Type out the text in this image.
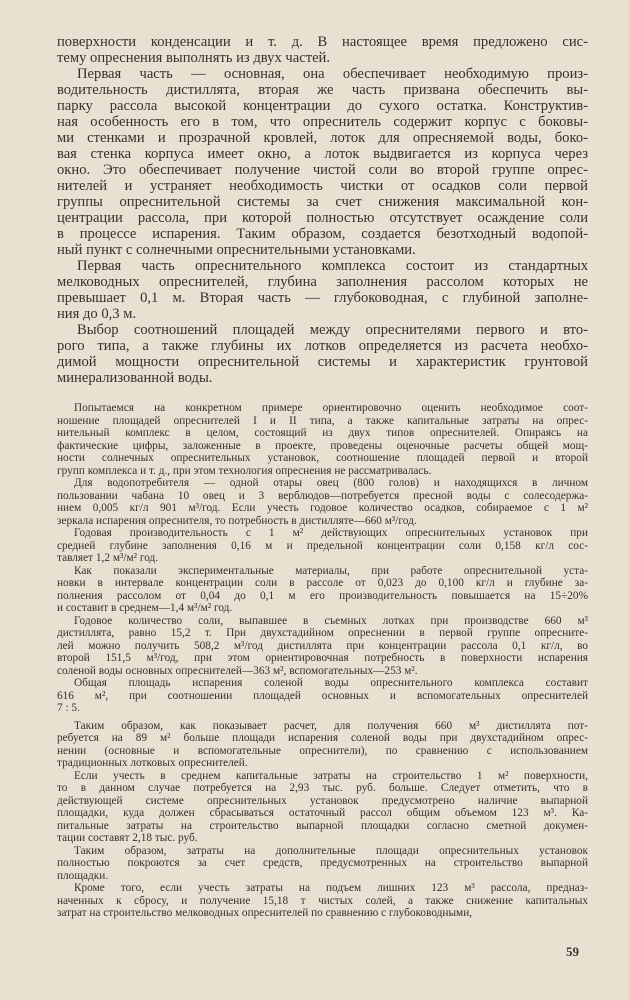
поверхности конденсации и т. д. В настоящее время предложено сис-
тему опреснения выполнять из двух частей.
Первая часть — основная, она обеспечивает необходимую произ-
водительность дистиллята, вторая же часть призвана обеспечить вы-
парку рассола высокой концентрации до сухого остатка. Конструктив-
ная особенность его в том, что опреснитель содержит корпус с боковы-
ми стенками и прозрачной кровлей, лоток для опресняемой воды, боко-
вая стенка корпуса имеет окно, а лоток выдвигается из корпуса через
окно. Это обеспечивает получение чистой соли во второй группе опрес-
нителей и устраняет необходимость чистки от осадков соли первой
группы опреснительной системы за счет снижения максимальной кон-
центрации рассола, при которой полностью отсутствует осаждение соли
в процессе испарения. Таким образом, создается безотходный водопой-
ный пункт с солнечными опреснительными установками.
Первая часть опреснительного комплекса состоит из стандартных
мелководных опреснителей, глубина заполнения рассолом которых не
превышает 0,1 м. Вторая часть — глубоководная, с глубиной заполне-
ния до 0,3 м.
Выбор соотношений площадей между опреснителями первого и вто-
рого типа, а также глубины их лотков определяется из расчета необхо-
димой мощности опреснительной системы и характеристик грунтовой
минерализованной воды.
Попытаемся на конкретном примере ориентировочно оценить необходимое соот-
ношение площадей опреснителей I и II типа, а также капитальные затраты на опрес-
нительный комплекс в целом, состоящий из двух типов опреснителей. Опираясь на
фактические цифры, заложенные в проекте, проведены оценочные расчеты общей мощ-
ности солнечных опреснительных установок, соотношение площадей первой и второй
групп комплекса и т. д., при этом технология опреснения не рассматривалась.
Для водопотребителя — одной отары овец (800 голов) и находящихся в личном
пользовании чабана 10 овец и 3 верблюдов—потребуется пресной воды с солесодержа-
нием 0,005 кг/л 901 м³/год. Если учесть годовое количество осадков, собираемое с 1 м²
зеркала испарения опреснителя, то потребность в дистилляте—660 м³/год.
Годовая производительность с 1 м² действующих опреснительных установок при
средней глубине заполнения 0,16 м и предельной концентрации соли 0,158 кг/л сос-
тавляет 1,2 м³/м² год.
Как показали экспериментальные материалы, при работе опреснительной уста-
новки в интервале концентрации соли в рассоле от 0,023 до 0,100 кг/л и глубине за-
полнения рассолом от 0,04 до 0,1 м его производительность повышается на 15÷20%
и составит в среднем—1,4 м³/м² год.
Годовое количество соли, выпавшее в съемных лотках при производстве 660 м³
дистиллята, равно 15,2 т. При двухстадийном опреснении в первой группе опресните-
лей можно получить 508,2 м³/год дистиллята при концентрации рассола 0,1 кг/л, во
второй 151,5 м³/год, при этом ориентировочная потребность в поверхности испарения
соленой воды основных опреснителей—363 м², вспомогательных—253 м².
Общая площадь испарения соленой воды опреснительного комплекса составит
616 м², при соотношении площадей основных и вспомогательных опреснителей
7 : 5.
Таким образом, как показывает расчет, для получения 660 м³ дистиллята пот-
ребуется на 89 м² больше площади испарения соленой воды при двухстадийном опрес-
нении (основные и вспомогательные опреснители), по сравнению с использованием
традиционных лотковых опреснителей.
Если учесть в среднем капитальные затраты на строительство 1 м² поверхности,
то в данном случае потребуется на 2,93 тыс. руб. больше. Следует отметить, что в
действующей системе опреснительных установок предусмотрено наличие выпарной
площадки, куда должен сбрасываться остаточный рассол общим объемом 123 м³. Ка-
питальные затраты на строительство выпарной площадки согласно сметной докумен-
тации составят 2,18 тыс. руб.
Таким образом, затраты на дополнительные площади опреснительных установок
полностью покроются за счет средств, предусмотренных на строительство выпарной
площадки.
Кроме того, если учесть затраты на подъем лишних 123 м³ рассола, предназ-
наченных к сбросу, и получение 15,18 т чистых солей, а также снижение капитальных
затрат на строительство мелководных опреснителей по сравнению с глубоководными,
59
